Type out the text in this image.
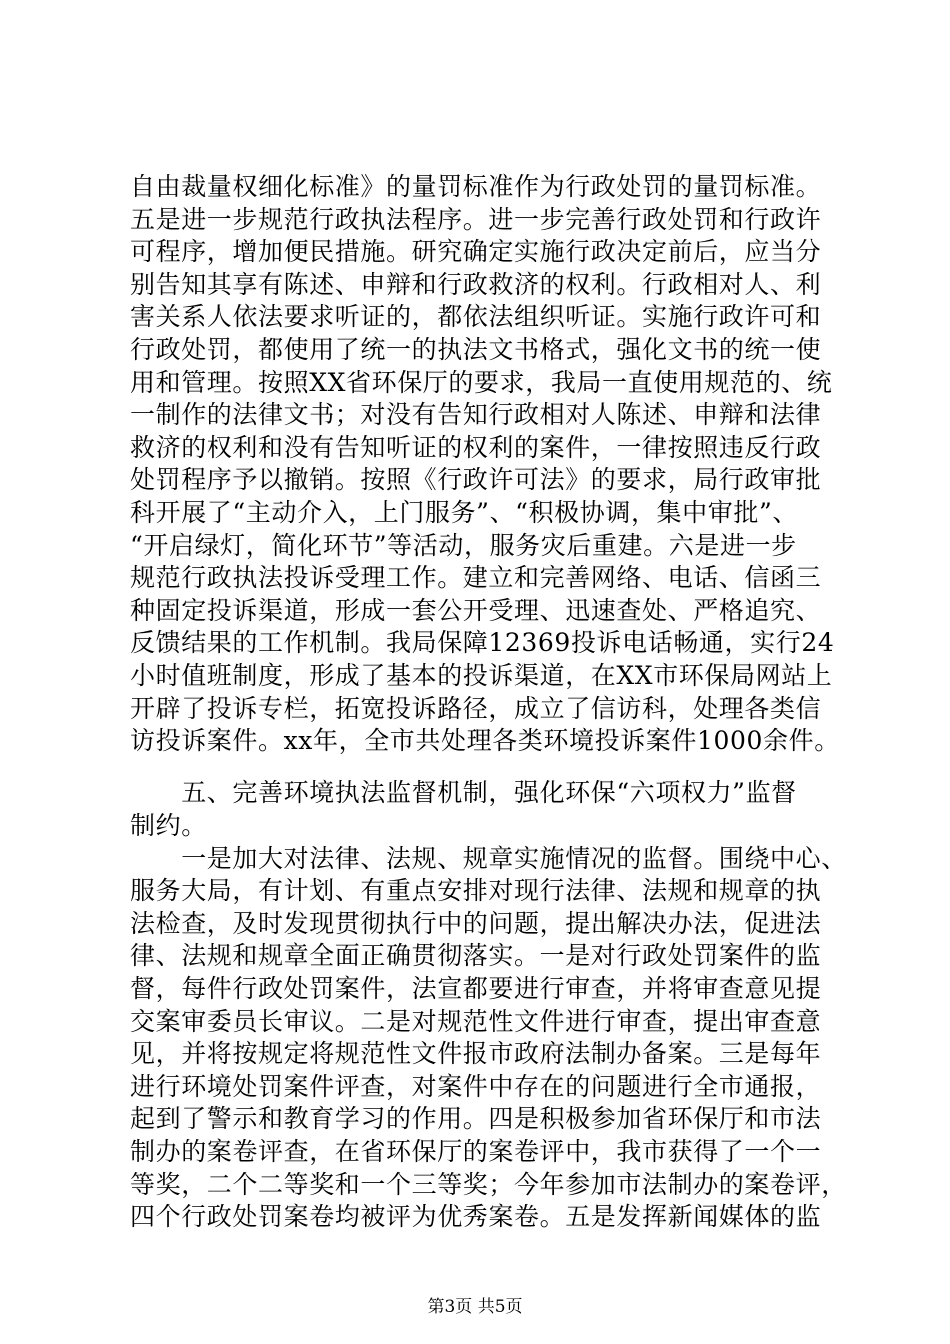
自由裁量权细化标准》的量罚标准作为行政处罚的量罚标准。
五是进一步规范行政执法程序。进一步完善行政处罚和行政许
可程序，增加便民措施。研究确定实施行政决定前后，应当分
别告知其享有陈述、申辩和行政救济的权利。行政相对人、利
害关系人依法要求听证的，都依法组织听证。实施行政许可和
行政处罚，都使用了统一的执法文书格式，强化文书的统一使
用和管理。按照XX省环保厅的要求，我局一直使用规范的、统
一制作的法律文书；对没有告知行政相对人陈述、申辩和法律
救济的权利和没有告知听证的权利的案件，一律按照违反行政
处罚程序予以撤销。按照《行政许可法》的要求，局行政审批
科开展了“主动介入，上门服务”、“积极协调，集中审批”、
“开启绿灯，简化环节”等活动，服务灾后重建。六是进一步
规范行政执法投诉受理工作。建立和完善网络、电话、信函三
种固定投诉渠道，形成一套公开受理、迅速查处、严格追究、
反馈结果的工作机制。我局保障12369投诉电话畅通，实行24
小时值班制度，形成了基本的投诉渠道，在XX市环保局网站上
开辟了投诉专栏，拓宽投诉路径，成立了信访科，处理各类信
访投诉案件。xx年，全市共处理各类环境投诉案件1000余件。
　　五、完善环境执法监督机制，强化环保“六项权力”监督
制约。
　　一是加大对法律、法规、规章实施情况的监督。围绕中心、
服务大局，有计划、有重点安排对现行法律、法规和规章的执
法检查，及时发现贯彻执行中的问题，提出解决办法，促进法
律、法规和规章全面正确贯彻落实。一是对行政处罚案件的监
督，每件行政处罚案件，法宣都要进行审查，并将审查意见提
交案审委员长审议。二是对规范性文件进行审查，提出审查意
见，并将按规定将规范性文件报市政府法制办备案。三是每年
进行环境处罚案件评查，对案件中存在的问题进行全市通报，
起到了警示和教育学习的作用。四是积极参加省环保厅和市法
制办的案卷评查，在省环保厅的案卷评中，我市获得了一个一
等奖，二个二等奖和一个三等奖；今年参加市法制办的案卷评，
四个行政处罚案卷均被评为优秀案卷。五是发挥新闻媒体的监
第3页 共5页
